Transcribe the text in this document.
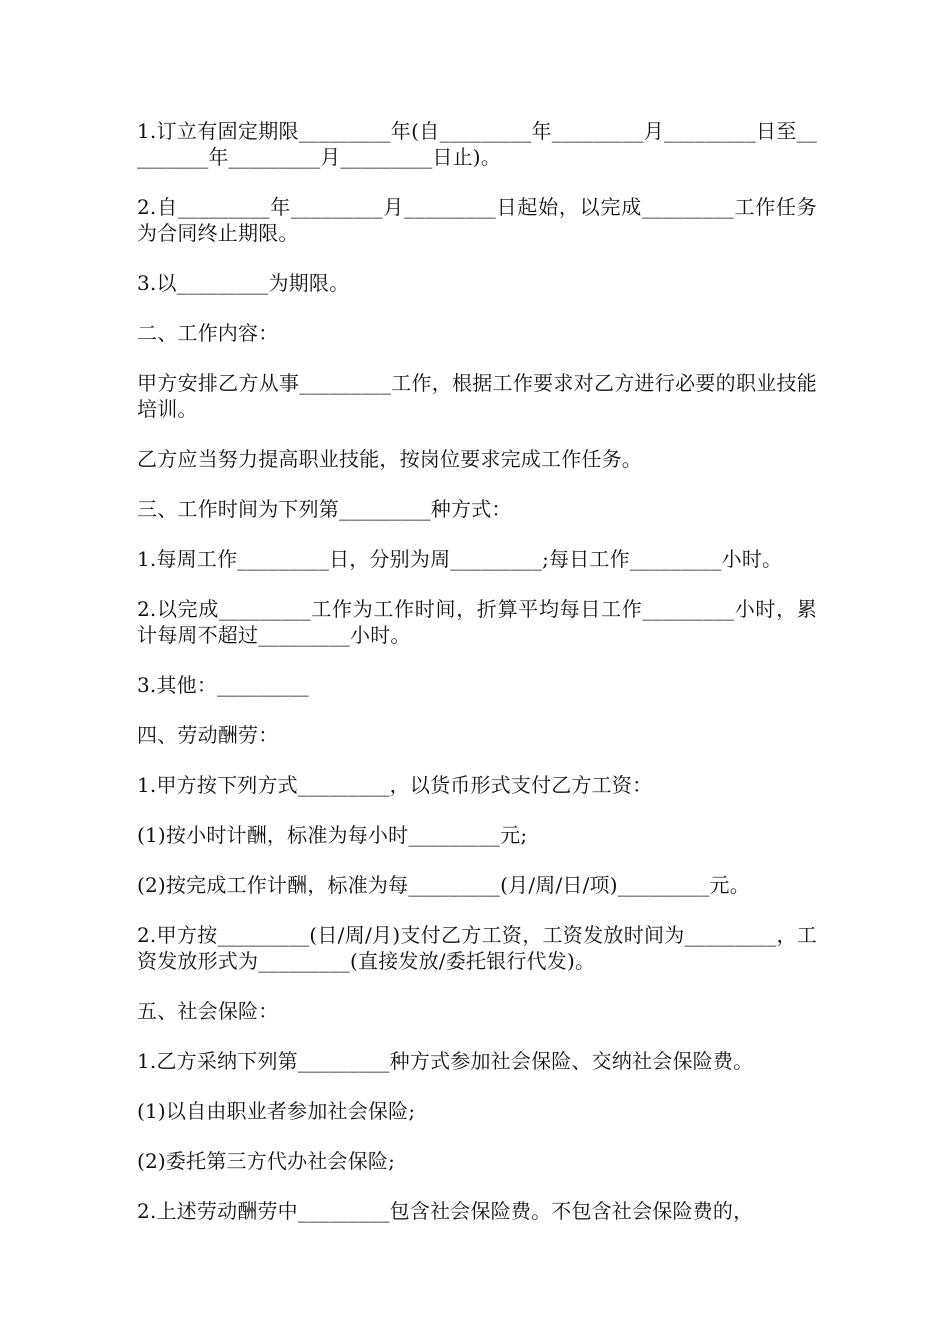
1.订立有固定期限_________年(自_________年_________月_________日至_________年_________月_________日止)。

2.自_________年_________月_________日起始，以完成_________工作任务为合同终止期限。

3.以_________为期限。

二、工作内容：

甲方安排乙方从事_________工作，根据工作要求对乙方进行必要的职业技能培训。

乙方应当努力提高职业技能，按岗位要求完成工作任务。

三、工作时间为下列第_________种方式：

1.每周工作_________日，分别为周_________;每日工作_________小时。

2.以完成_________工作为工作时间，折算平均每日工作_________小时，累计每周不超过_________小时。

3.其他：_________

四、劳动酬劳：

1.甲方按下列方式_________，以货币形式支付乙方工资：

(1)按小时计酬，标准为每小时_________元;

(2)按完成工作计酬，标准为每_________(月/周/日/项)_________元。

2.甲方按_________(日/周/月)支付乙方工资，工资发放时间为_________，工资发放形式为_________(直接发放/委托银行代发)。

五、社会保险：

1.乙方采纳下列第_________种方式参加社会保险、交纳社会保险费。

(1)以自由职业者参加社会保险;

(2)委托第三方代办社会保险;

2.上述劳动酬劳中_________包含社会保险费。不包含社会保险费的，
